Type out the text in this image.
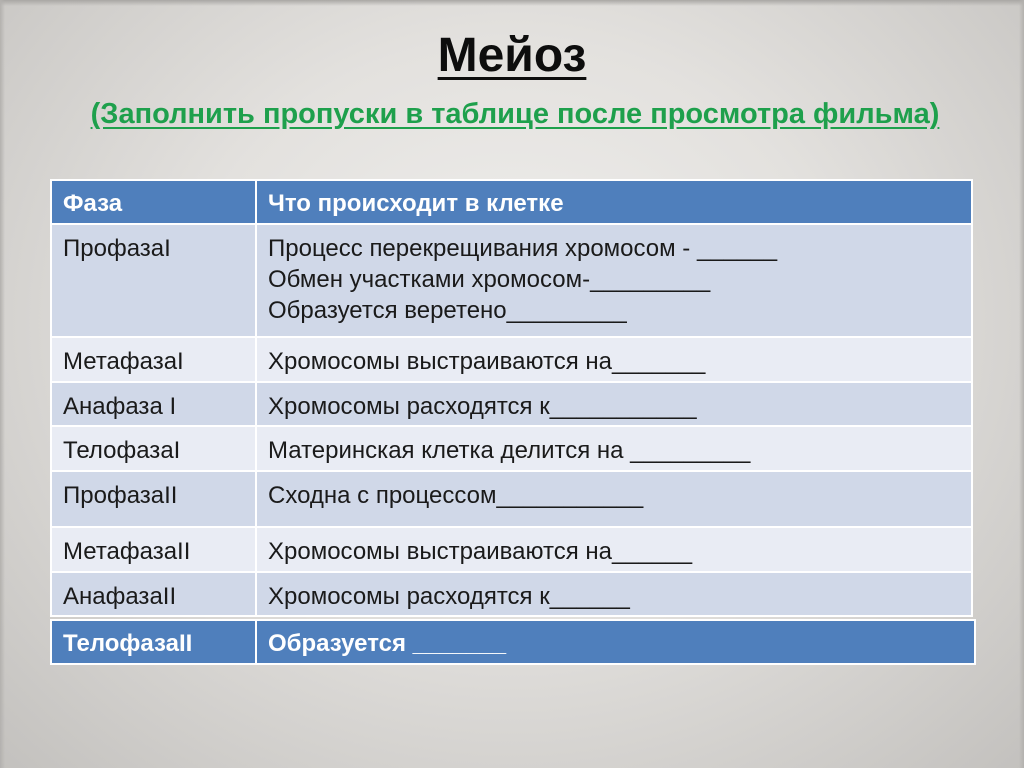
Мейоз
(Заполнить пропуски в таблице после просмотра фильма)
Фаза	Что происходит в клетке
ПрофазаI	Процесс перекрещивания хромосом - ______
Обмен участками хромосом-_________
Образуется веретено_________

МетафазаI	Хромосомы выстраиваются на_______

Анафаза I	Хромосомы расходятся к___________

ТелофазаI	Материнская клетка делится на _________

ПрофазаII	Сходна с процессом___________

МетафазаII	Хромосомы выстраиваются на______

АнафазаII	Хромосомы расходятся к______
ТелофазаII	Образуется _______
